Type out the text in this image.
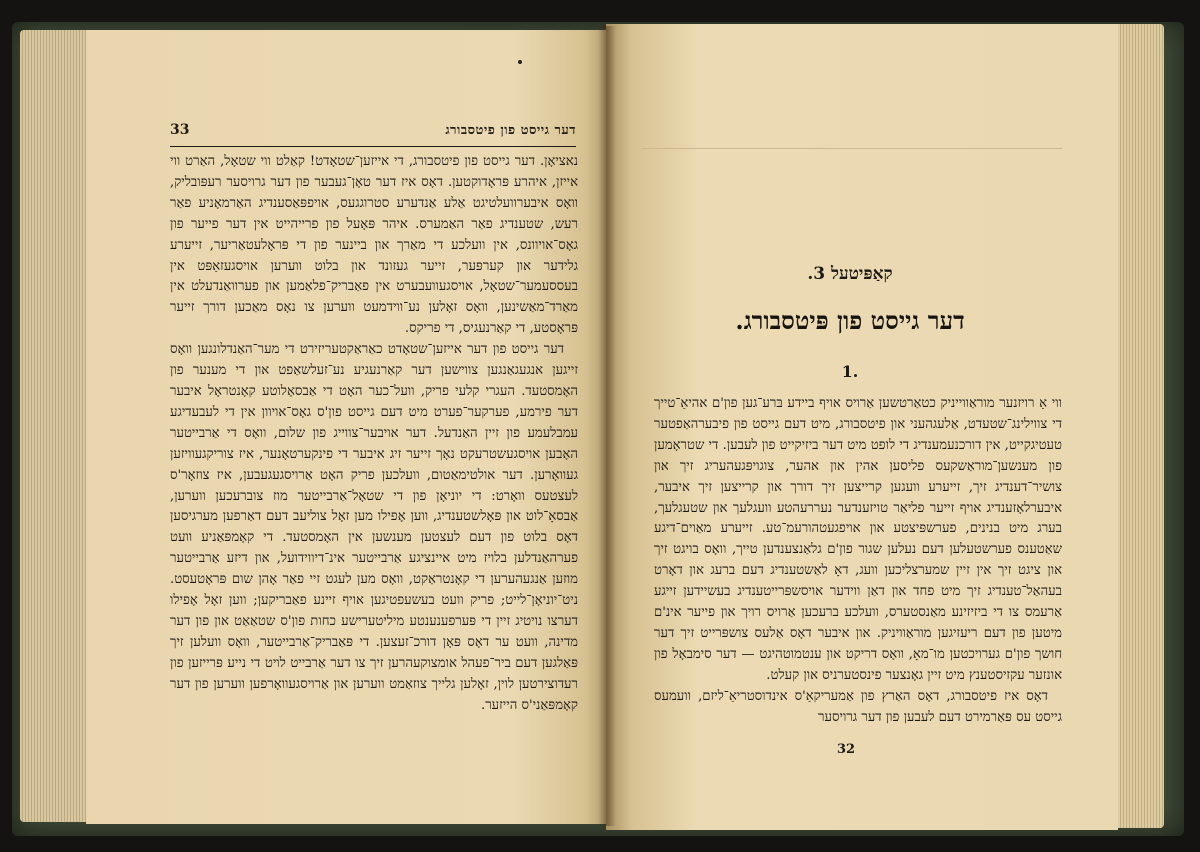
33	דער גייסט פון פיטסבורג

נאציאָן. דער גייסט פון פיטסבורג, די אייזען־שטאָדט! קאַלט ווי שטאָל, האַרט ווי אייזן, איהרע פּראָדוקטען. דאָס איז דער טאָן־געבער פון דער גרויסער רעפּובליק, וואָס איבערוועלטיגט אַלע אַנדערע סטרוגגעס, אויפפּאַסענדיג האַרמאָניע פאַר רעש, שטענדיג פאַר האַמערס. איהר פּאָעל פון פרייהייט אין דער פייער פון גאָס־אויוונס, אין וועלכע די מאַרך און ביינער פון די פּראָלעטאַריער, זייערע גלידער און קערפּער, זייער געזונד און בלוט ווערען אויסגעזאַפּט אין בעססעמער־שטאָל, אויסגעוועבערט אין פאַבריק־פלאַמען און פערוואַנדעלט אין מאַרד־מאַשינען, וואָס זאָלען נע־ווידמעט ווערען צו נאָס מאַכען דורך זייער פּראָסטע, די קאַרנעגיס, די פריקס.

דער גייסט פון דער אייזען־שטאָדט כאַראַקטעריזירט די מער־האַנדלונגען וואָס זייגען אנגעגאַנגען צווישען דער קאַרנעגיע נע־זעלשאַפט און די מענער פון האָמסטעד. העגרי קלעי פריק, וועל־כער האָט די אַבסאָלוטע קאָנטראָל איבער דער פירמע, פערקער־פערט מיט דעם גייסט פון'ס גאָס־אויוון אין די לעבעדיגע עמבלעמע פון זיין האַנדעל. דער אויבער־צווייג פון שלום, וואָס די אַרבייטער האָבען אויסגעשטרעקט נאָך זייער זיג איבער די פינקערטאָנער, איז צוריקגעוויזען געוואָרען. דער אולטימאַטום, וועלכען פריק האָט אַרויסגעגעבען, איז צוזאָר'ס לעצטעס וואָרט: די יוניאָן פון די שטאָל־אַרבייטער מוז צוברעכען ווערען, אַבסאָ־לוט און פּאָלשטענדיג, ווען אָפילו מען זאָל צוליעב דעם דאַרפען מערגיסען דאָס בלוט פון דעם לעצטען מענשען אין האָמסטעד. די קאָמפּאַניע וועט פערהאַנדלען בלויז מיט איינציגע אַרבייטער אינ־דיווידועל, און דיזע אַרבייטער מוזען אַנגעהערען די קאָנטראַקט, וואָס מען לעגט זיי פאַר אָהן שום פּראָטעסט. ניט־יוניאָן־לייט; פריק וועט בעשעפטיגען אויף זיינע פאַבריקען; ווען זאָל אָפילו דערצו נויטיג זיין די פּערפענענטע מיליטערישע כחות פון'ס שטאַאַט און פון דער מדינה, וועט ער דאָס פּאָן דורכ־זעצען. די פּאַבריק־אַרבייטער, וואָס וועלען זיך פּאַלגען דעם ביר־פעהל אומצוקעהרען זיך צו דער אַרבייט לויט די נייע פּרייזען פון רעדוצירטען לוין, זאָלען גלייך צוזאַמט ווערען און אַרויסגעוואָרפען ווערען פון דער קאָמפּאַני'ס הייזער.

קאַפּיטעל 3.
דער גייסט פון פּיטסבורג.
1.

ווי אַ רויזנער מוראַווייניק כטאַרטשען אַרויס אויף ביידע בּרע־גען פון'ם אהיאַ־טייך די צווילינג־שטעדט, אַלעגהעני און פיטסבורג, מיט דעם גייסט פון פיבערהאַפטער טעטיגקייט, אין דורכנעמענדיג די לופט מיט דער ביזיקייט פון לעבען. די שטראָמען פון מענשען־מוראַשקעס פליסען אהין און אהער, צוגויפּגעהעריג זיך און צושיר־דענדיג זיך, זייערע וועגען קרייצען זיך דורך און קרייצען זיך איבער, איבערלאָזענדיג אויף זייער פליאַר טויזענדער נעררעהטע וועגלעך און שטעגלעך, בערג מיט בנינים, פערשפּיצטע און אויפגעטהורעמ־טע. זייערע מאַוים־דיגע שאַטענס פערשטעלען דעם נעלען שגור פון'ם גלאַנצענדען טייך, וואָס בויגט זיך און ציגט זיך אין זיין שמערצליכען וועג, דאָ לאַשטענדיג דעם ברעג און דאָרט בעהאַל־טענדיג זיך מיט פחד און דאַן ווידער אויסשפּרייטענדיג בעשיידען זייגע אַרעמס צו די ביזיזינע מאַנסטערס, וועלכע ברעכען אַרויס רויך און פייער אינ'ם מיטען פון דעם ריעזיגען מוראַוויניק. און איבער דאָס אַלעס צושפּרייט זיך דער חושך פון'ם גערויכטען מו־מאָ, וואָס דריקט און ענטמוטהיגט — דער סימבאָל פון אונזער עקזיסטענץ מיט זיין גאָנצער פינסטערניס און קעלט.

דאָס איז פיטסבורג, דאָס האַרץ פון אַמעריקאַ'ס אינדוסטריאַ־ליזם, וועמעס גייסט עס פּאַרמירט דעם לעבען פון דער גרויסער

32
